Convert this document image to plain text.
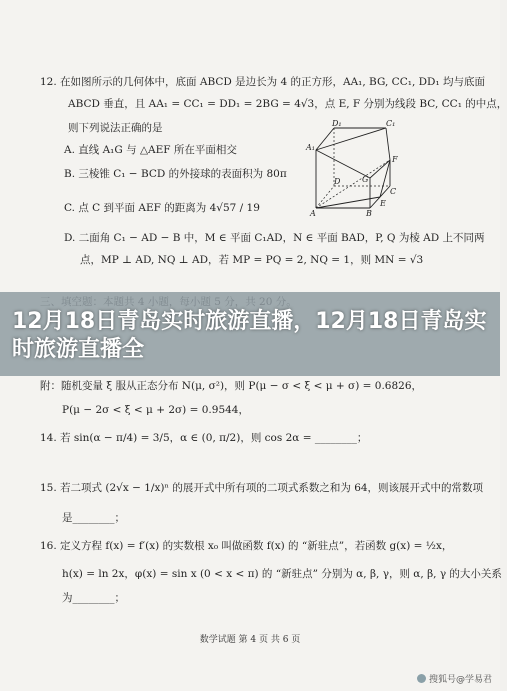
12. 在如图所示的几何体中，底面 ABCD 是边长为 4 的正方形，AA₁, BG, CC₁, DD₁ 均与底面
ABCD 垂直，且 AA₁ = CC₁ = DD₁ = 2BG = 4√3，点 E, F 分别为线段 BC, CC₁ 的中点，
则下列说法正确的是
A. 直线 A₁G 与 △AEF 所在平面相交
B. 三棱锥 C₁ − BCD 的外接球的表面积为 80π
C. 点 C 到平面 AEF 的距离为 4√57 / 19
D. 二面角 C₁ − AD − B 中，M ∈ 平面 C₁AD，N ∈ 平面 BAD，P, Q 为棱 AD 上不同两
点，MP ⊥ AD, NQ ⊥ AD，若 MP = PQ = 2, NQ = 1，则 MN = √3
D₁	C₁
A₁
F
G
D
C
A
E
B
12月18日青岛实时旅游直播，12月18日青岛实时旅游直播全
附：随机变量 ξ 服从正态分布 N(μ, σ²)，则 P(μ − σ < ξ < μ + σ) = 0.6826，
P(μ − 2σ < ξ < μ + 2σ) = 0.9544，
14. 若 sin(α − π/4) = 3/5，α ∈ (0, π/2)，则 cos 2α = ________；
15. 若二项式 (2√x − 1/x)ⁿ 的展开式中所有项的二项式系数之和为 64，则该展开式中的常数项
是________；
16. 定义方程 f(x) = f′(x) 的实数根 x₀ 叫做函数 f(x) 的 “新驻点”，若函数 g(x) = ½x，
h(x) = ln 2x，φ(x) = sin x (0 < x < π) 的 “新驻点” 分别为 α, β, γ，则 α, β, γ 的大小关系
为________；
数学试题 第 4 页 共 6 页
搜狐号@学易君
